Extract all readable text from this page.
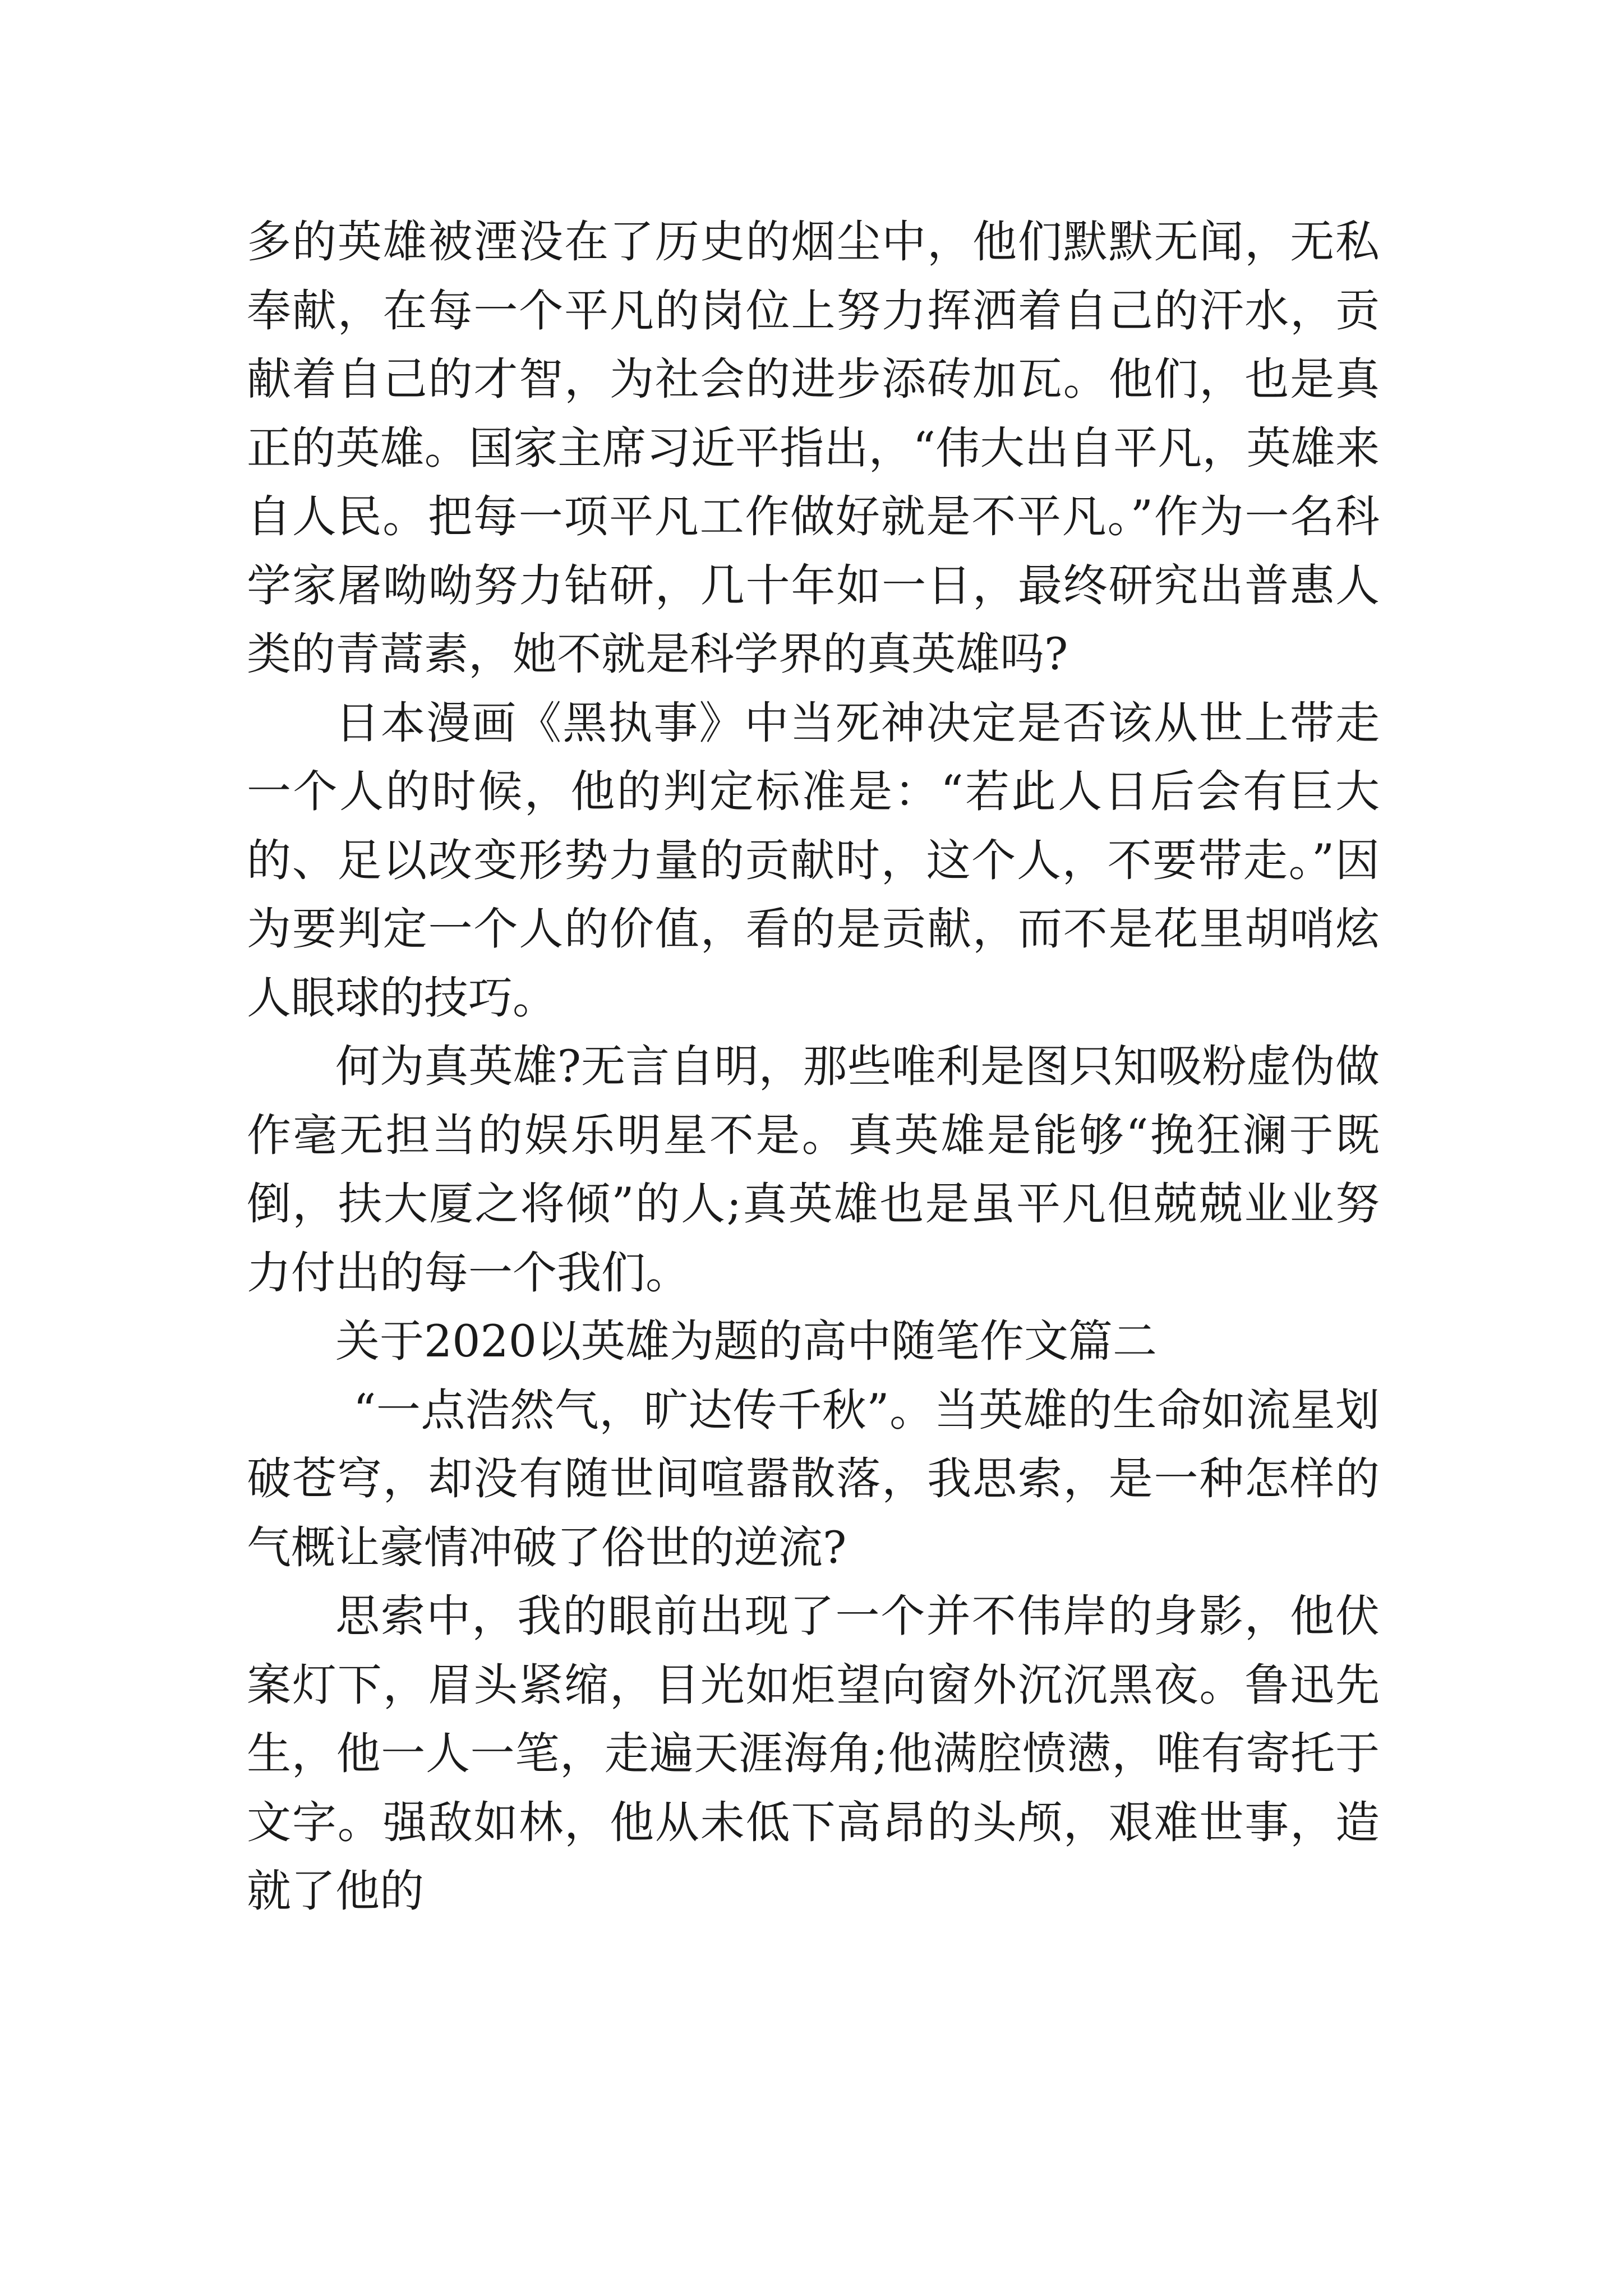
多的英雄被湮没在了历史的烟尘中，他们默默无闻，无私奉献，在每一个平凡的岗位上努力挥洒着自己的汗水，贡献着自己的才智，为社会的进步添砖加瓦。他们，也是真正的英雄。国家主席习近平指出，“伟大出自平凡，英雄来自人民。把每一项平凡工作做好就是不平凡。”作为一名科学家屠呦呦努力钻研，几十年如一日，最终研究出普惠人类的青蒿素，她不就是科学界的真英雄吗?

日本漫画《黑执事》中当死神决定是否该从世上带走一个人的时候，他的判定标准是：“若此人日后会有巨大的、足以改变形势力量的贡献时，这个人，不要带走。”因为要判定一个人的价值，看的是贡献，而不是花里胡哨炫人眼球的技巧。

何为真英雄?无言自明，那些唯利是图只知吸粉虚伪做作毫无担当的娱乐明星不是。真英雄是能够“挽狂澜于既倒，扶大厦之将倾”的人;真英雄也是虽平凡但兢兢业业努力付出的每一个我们。

关于2020以英雄为题的高中随笔作文篇二

“一点浩然气，旷达传千秋”。当英雄的生命如流星划破苍穹，却没有随世间喧嚣散落，我思索，是一种怎样的气概让豪情冲破了俗世的逆流?

思索中，我的眼前出现了一个并不伟岸的身影，他伏案灯下，眉头紧缩，目光如炬望向窗外沉沉黑夜。鲁迅先生，他一人一笔，走遍天涯海角;他满腔愤懑，唯有寄托于文字。强敌如林，他从未低下高昂的头颅，艰难世事，造就了他的
